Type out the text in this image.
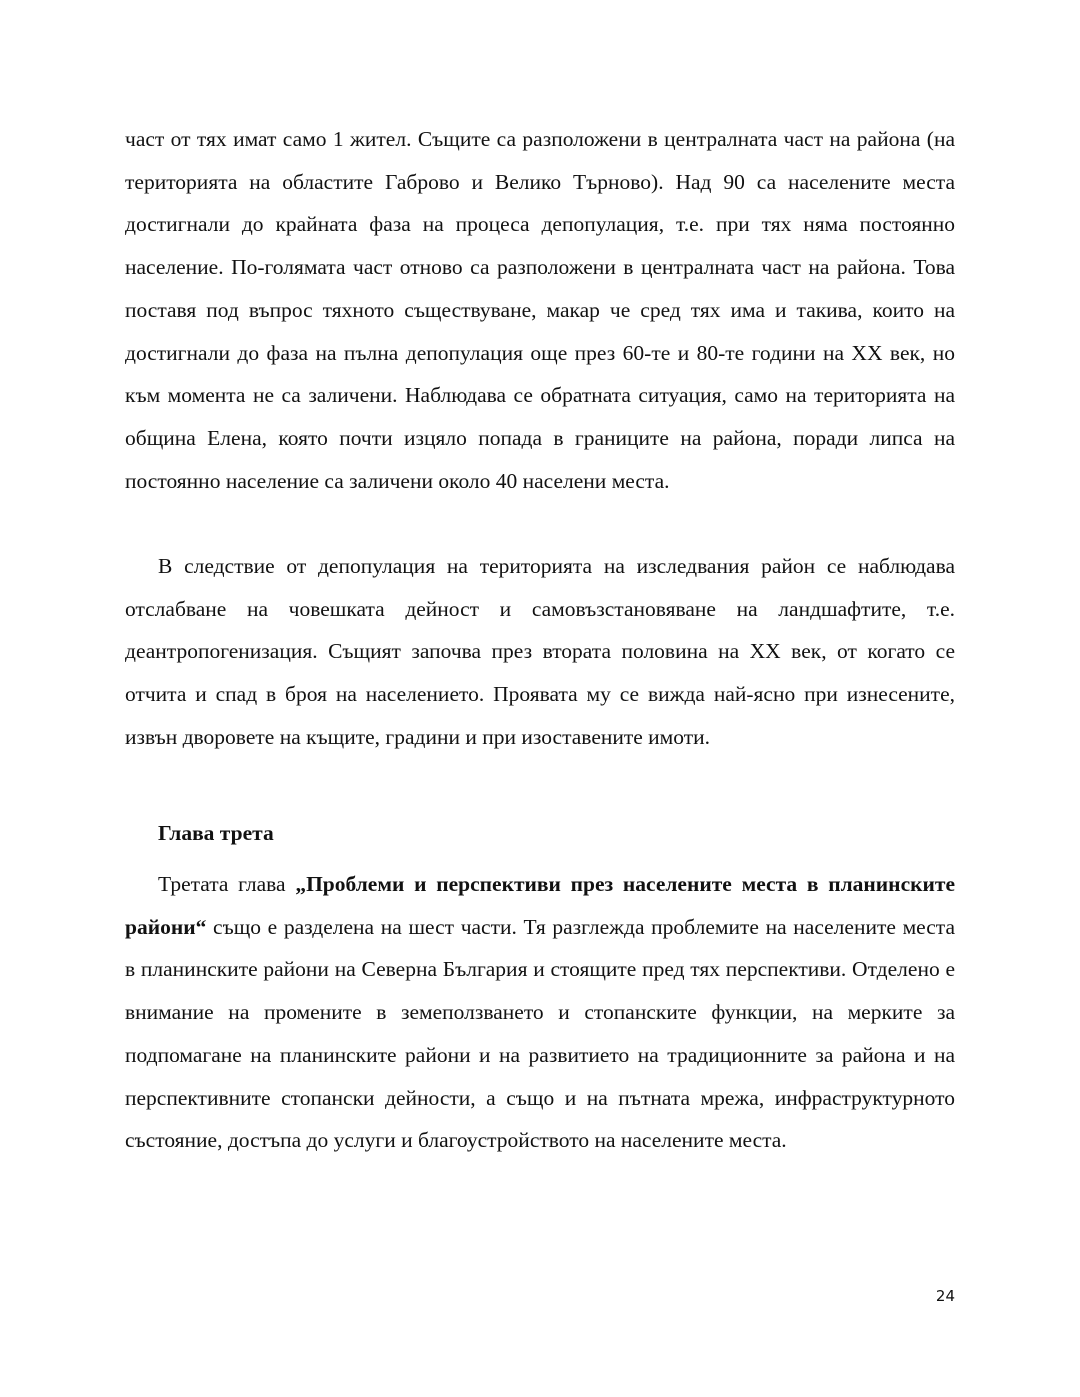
част от тях имат само 1 жител. Същите са разположени в централната част на района (на територията на областите Габрово и Велико Търново). Над 90 са населените места достигнали до крайната фаза на процеса депопулация, т.е. при тях няма постоянно население. По-голямата част отново са разположени в централната част на района. Това поставя под въпрос тяхното съществуване, макар че сред тях има и такива, които на достигнали до фаза на пълна депопулация още през 60-те и 80-те години на ХХ век, но към момента не са заличени. Наблюдава се обратната ситуация, само на територията на община Елена, която почти изцяло попада в границите на района, поради липса на постоянно население са заличени около 40 населени места.

В следствие от депопулация на територията на изследвания район се наблюдава отслабване на човешката дейност и самовъзстановяване на ландшафтите, т.е. деантропогенизация. Същият започва през втората половина на ХХ век, от когато се отчита и спад в броя на населението. Проявата му се вижда най-ясно при изнесените, извън дворовете на къщите, градини и при изоставените имоти.

Глава трета

Третата глава „Проблеми и перспективи през населените места в планинските райони“ също е разделена на шест части. Тя разглежда проблемите на населените места в планинските райони на Северна България и стоящите пред тях перспективи. Отделено е внимание на промените в земеползването и стопанските функции, на мерките за подпомагане на планинските райони и на развитието на традиционните за района и на перспективните стопански дейности, а също и на пътната мрежа, инфраструктурното състояние, достъпа до услуги и благоустройството на населените места.

24
